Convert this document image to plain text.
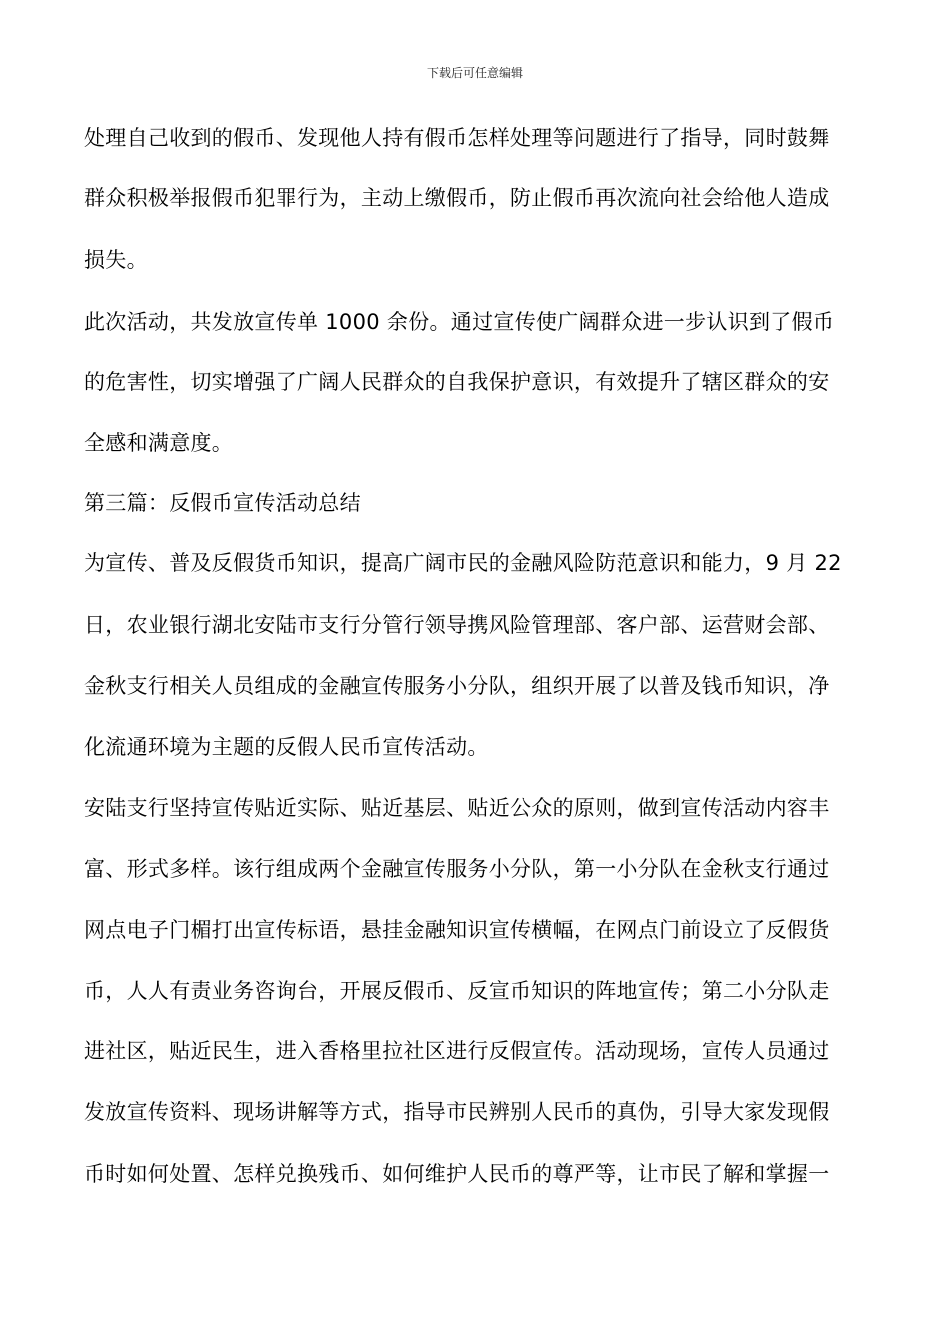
下载后可任意编辑
处理自己收到的假币、发现他人持有假币怎样处理等问题进行了指导，同时鼓舞
群众积极举报假币犯罪行为，主动上缴假币，防止假币再次流向社会给他人造成
损失。
此次活动，共发放宣传单 1000 余份。通过宣传使广阔群众进一步认识到了假币
的危害性，切实增强了广阔人民群众的自我保护意识，有效提升了辖区群众的安
全感和满意度。
第三篇：反假币宣传活动总结
为宣传、普及反假货币知识，提高广阔市民的金融风险防范意识和能力，9 月 22
日，农业银行湖北安陆市支行分管行领导携风险管理部、客户部、运营财会部、
金秋支行相关人员组成的金融宣传服务小分队，组织开展了以普及钱币知识，净
化流通环境为主题的反假人民币宣传活动。
安陆支行坚持宣传贴近实际、贴近基层、贴近公众的原则，做到宣传活动内容丰
富、形式多样。该行组成两个金融宣传服务小分队，第一小分队在金秋支行通过
网点电子门楣打出宣传标语，悬挂金融知识宣传横幅，在网点门前设立了反假货
币，人人有责业务咨询台，开展反假币、反宣币知识的阵地宣传；第二小分队走
进社区，贴近民生，进入香格里拉社区进行反假宣传。活动现场，宣传人员通过
发放宣传资料、现场讲解等方式，指导市民辨别人民币的真伪，引导大家发现假
币时如何处置、怎样兑换残币、如何维护人民币的尊严等，让市民了解和掌握一
